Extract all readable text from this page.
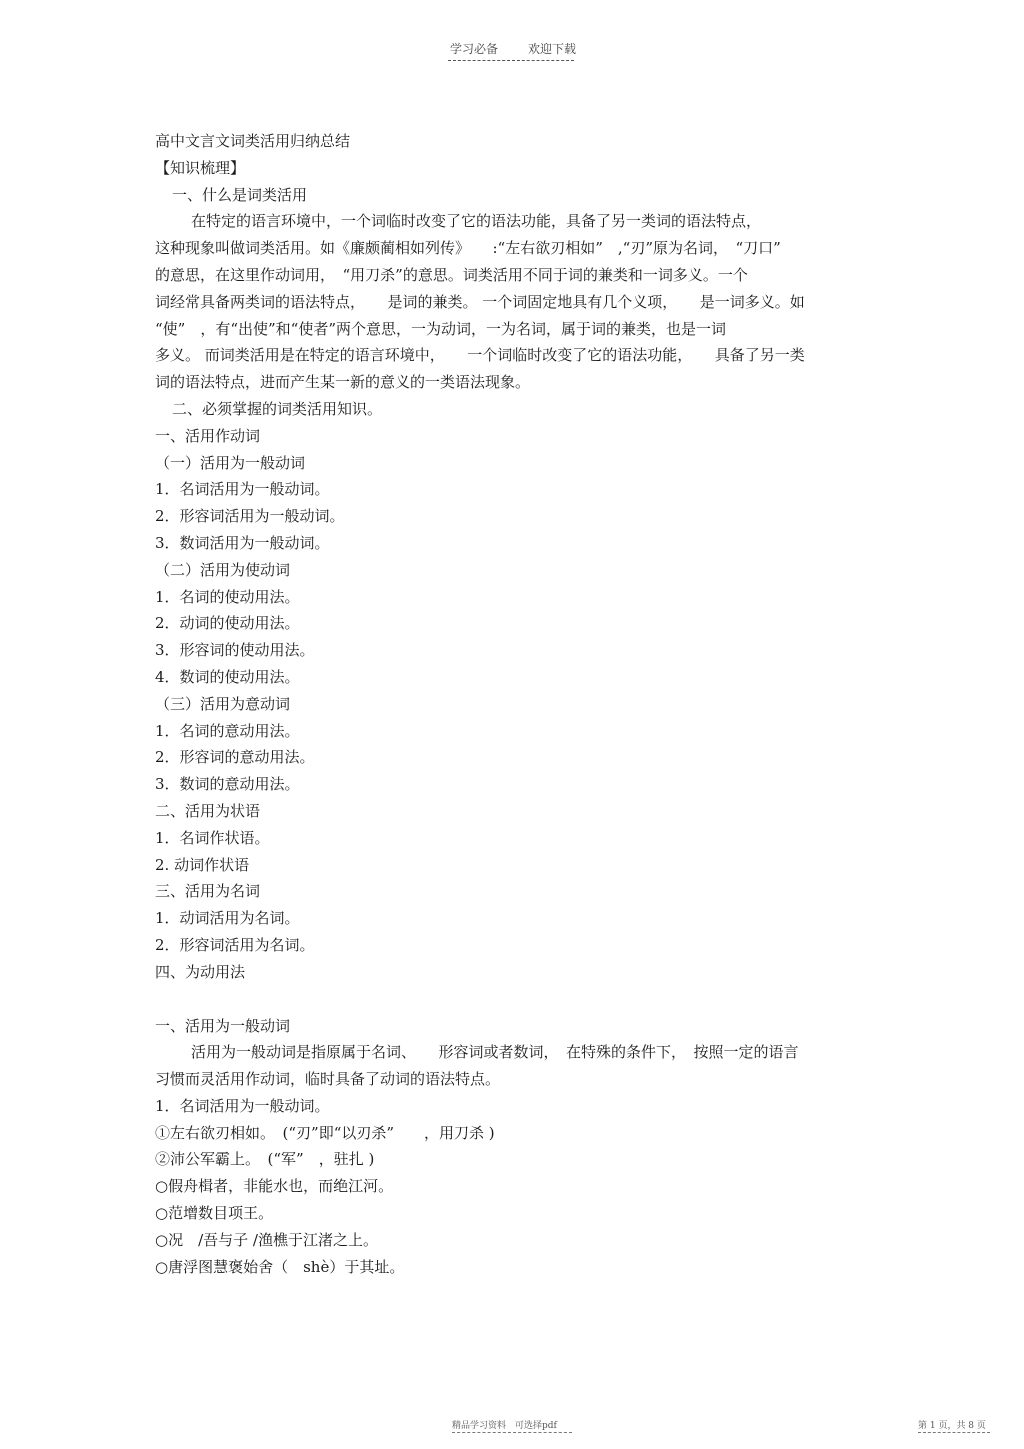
学习必备 欢迎下载
高中文言文词类活用归纳总结
【知识梳理】
一、什么是词类活用
在特定的语言环境中，一个词临时改变了它的语法功能，具备了另一类词的语法特点，
这种现象叫做词类活用。如《廉颇蔺相如列传》　　:“左右欲刃相如”　,“刃”原为名词，　“刀口”
的意思，在这里作动词用，　“用刀杀”的意思。词类活用不同于词的兼类和一词多义。一个
词经常具备两类词的语法特点，　　是词的兼类。 一个词固定地具有几个义项，　　是一词多义。如
“使”　，有“出使”和“使者”两个意思，一为动词，一为名词，属于词的兼类，也是一词
多义。 而词类活用是在特定的语言环境中，　　一个词临时改变了它的语法功能，　　具备了另一类
词的语法特点，进而产生某一新的意义的一类语法现象。
二、必须掌握的词类活用知识。
一、活用作动词
（一）活用为一般动词
1．名词活用为一般动词。
2．形容词活用为一般动词。
3．数词活用为一般动词。
（二）活用为使动词
1．名词的使动用法。
2．动词的使动用法。
3．形容词的使动用法。
4．数词的使动用法。
（三）活用为意动词
1．名词的意动用法。
2．形容词的意动用法。
3．数词的意动用法。
二、活用为状语
1．名词作状语。
2. 动词作状语
三、活用为名词
1．动词活用为名词。
2．形容词活用为名词。
四、为动用法
一、活用为一般动词
活用为一般动词是指原属于名词、　　形容词或者数词，　在特殊的条件下，　按照一定的语言
习惯而灵活用作动词，临时具备了动词的语法特点。
1．名词活用为一般动词。
①左右欲刃相如。　(“刃”即“以刃杀”　　，用刀杀 )
②沛公军霸上。　(“军”　，驻扎 )
○假舟楫者，非能水也，而绝江河。
○范增数目项王。
○况　/吾与子 /渔樵于江渚之上。
○唐浮图慧褒始舍（　shè）于其址。
精品学习资料　可选择pdf	第 1 页，共 8 页
